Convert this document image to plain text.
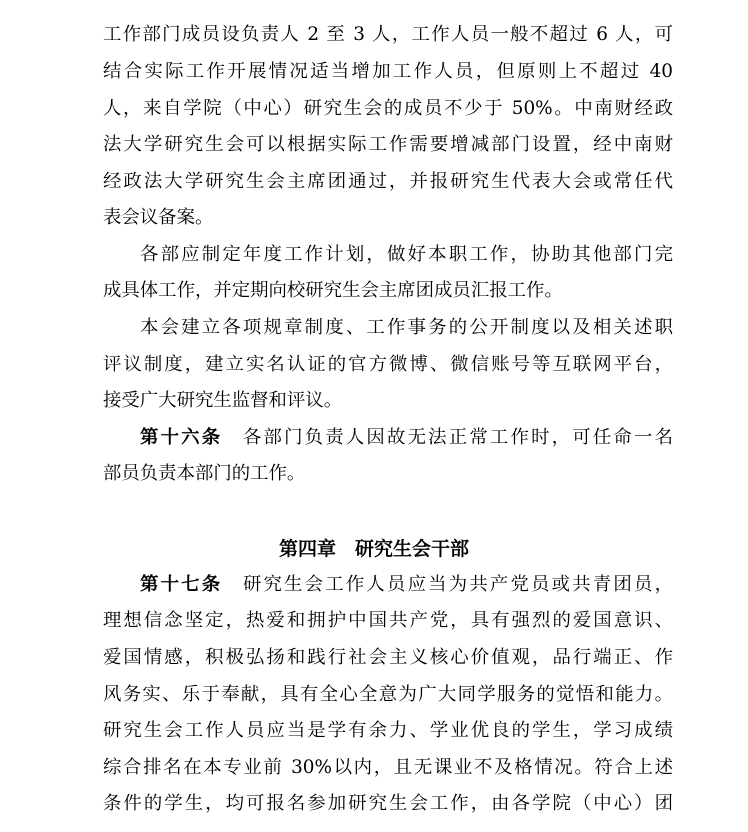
工作部门成员设负责人 2 至 3 人，工作人员一般不超过 6 人，可
结合实际工作开展情况适当增加工作人员，但原则上不超过 40
人，来自学院（中心）研究生会的成员不少于 50%。中南财经政
法大学研究生会可以根据实际工作需要增减部门设置，经中南财
经政法大学研究生会主席团通过，并报研究生代表大会或常任代
表会议备案。
各部应制定年度工作计划，做好本职工作，协助其他部门完
成具体工作，并定期向校研究生会主席团成员汇报工作。
本会建立各项规章制度、工作事务的公开制度以及相关述职
评议制度，建立实名认证的官方微博、微信账号等互联网平台，
接受广大研究生监督和评议。
第十六条　 各部门负责人因故无法正常工作时，可任命一名
部员负责本部门的工作。
第四章　研究生会干部
第十七条　 研究生会工作人员应当为共产党员或共青团员，
理想信念坚定，热爱和拥护中国共产党，具有强烈的爱国意识、
爱国情感，积极弘扬和践行社会主义核心价值观，品行端正、作
风务实、乐于奉献，具有全心全意为广大同学服务的觉悟和能力。
研究生会工作人员应当是学有余力、学业优良的学生，学习成绩
综合排名在本专业前 30%以内，且无课业不及格情况。符合上述
条件的学生，均可报名参加研究生会工作，由各学院（中心）团
